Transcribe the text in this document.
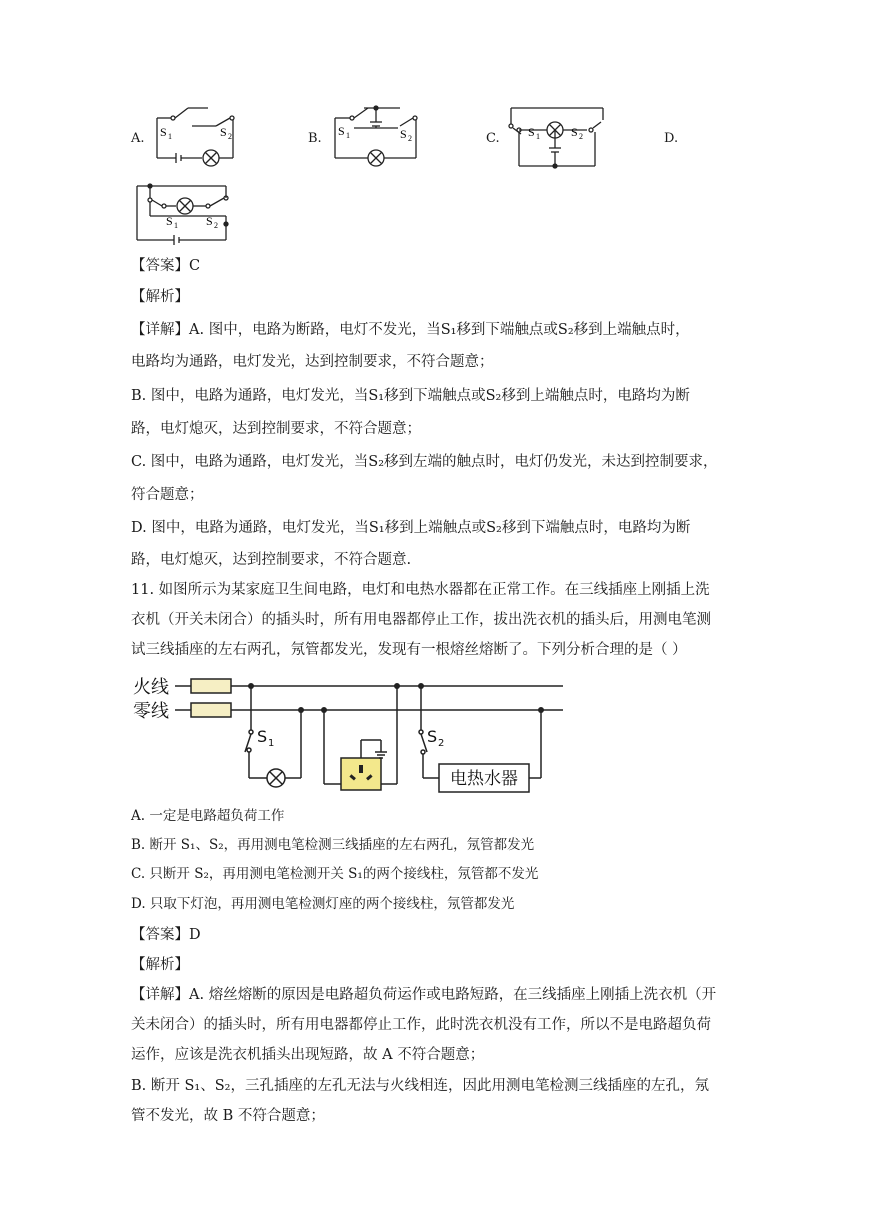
A. S 1	S 2	B. S 1	S 2	C. S 1	S 2	D.
S 1 S 2
【答案】C
【解析】
【详解】A. 图中，电路为断路，电灯不发光，当S₁移到下端触点或S₂移到上端触点时，
电路均为通路，电灯发光，达到控制要求，不符合题意；
B. 图中，电路为通路，电灯发光，当S₁移到下端触点或S₂移到上端触点时，电路均为断
路，电灯熄灭，达到控制要求，不符合题意；
C. 图中，电路为通路，电灯发光，当S₂移到左端的触点时，电灯仍发光，未达到控制要求，
符合题意；
D. 图中，电路为通路，电灯发光，当S₁移到上端触点或S₂移到下端触点时，电路均为断
路，电灯熄灭，达到控制要求，不符合题意.
11. 如图所示为某家庭卫生间电路，电灯和电热水器都在正常工作。在三线插座上刚插上洗
衣机（开关未闭合）的插头时，所有用电器都停止工作，拔出洗衣机的插头后，用测电笔测
试三线插座的左右两孔，氖管都发光，发现有一根熔丝熔断了。下列分析合理的是（ ）
火线
零线
S 1	S 2
电热水器
A. 一定是电路超负荷工作
B. 断开 S₁、S₂，再用测电笔检测三线插座的左右两孔，氖管都发光
C. 只断开 S₂，再用测电笔检测开关 S₁的两个接线柱，氖管都不发光
D. 只取下灯泡，再用测电笔检测灯座的两个接线柱，氖管都发光
【答案】D
【解析】
【详解】A. 熔丝熔断的原因是电路超负荷运作或电路短路，在三线插座上刚插上洗衣机（开
关未闭合）的插头时，所有用电器都停止工作，此时洗衣机没有工作，所以不是电路超负荷
运作，应该是洗衣机插头出现短路，故 A 不符合题意；
B. 断开 S₁、S₂，三孔插座的左孔无法与火线相连，因此用测电笔检测三线插座的左孔，氖
管不发光，故 B 不符合题意；
